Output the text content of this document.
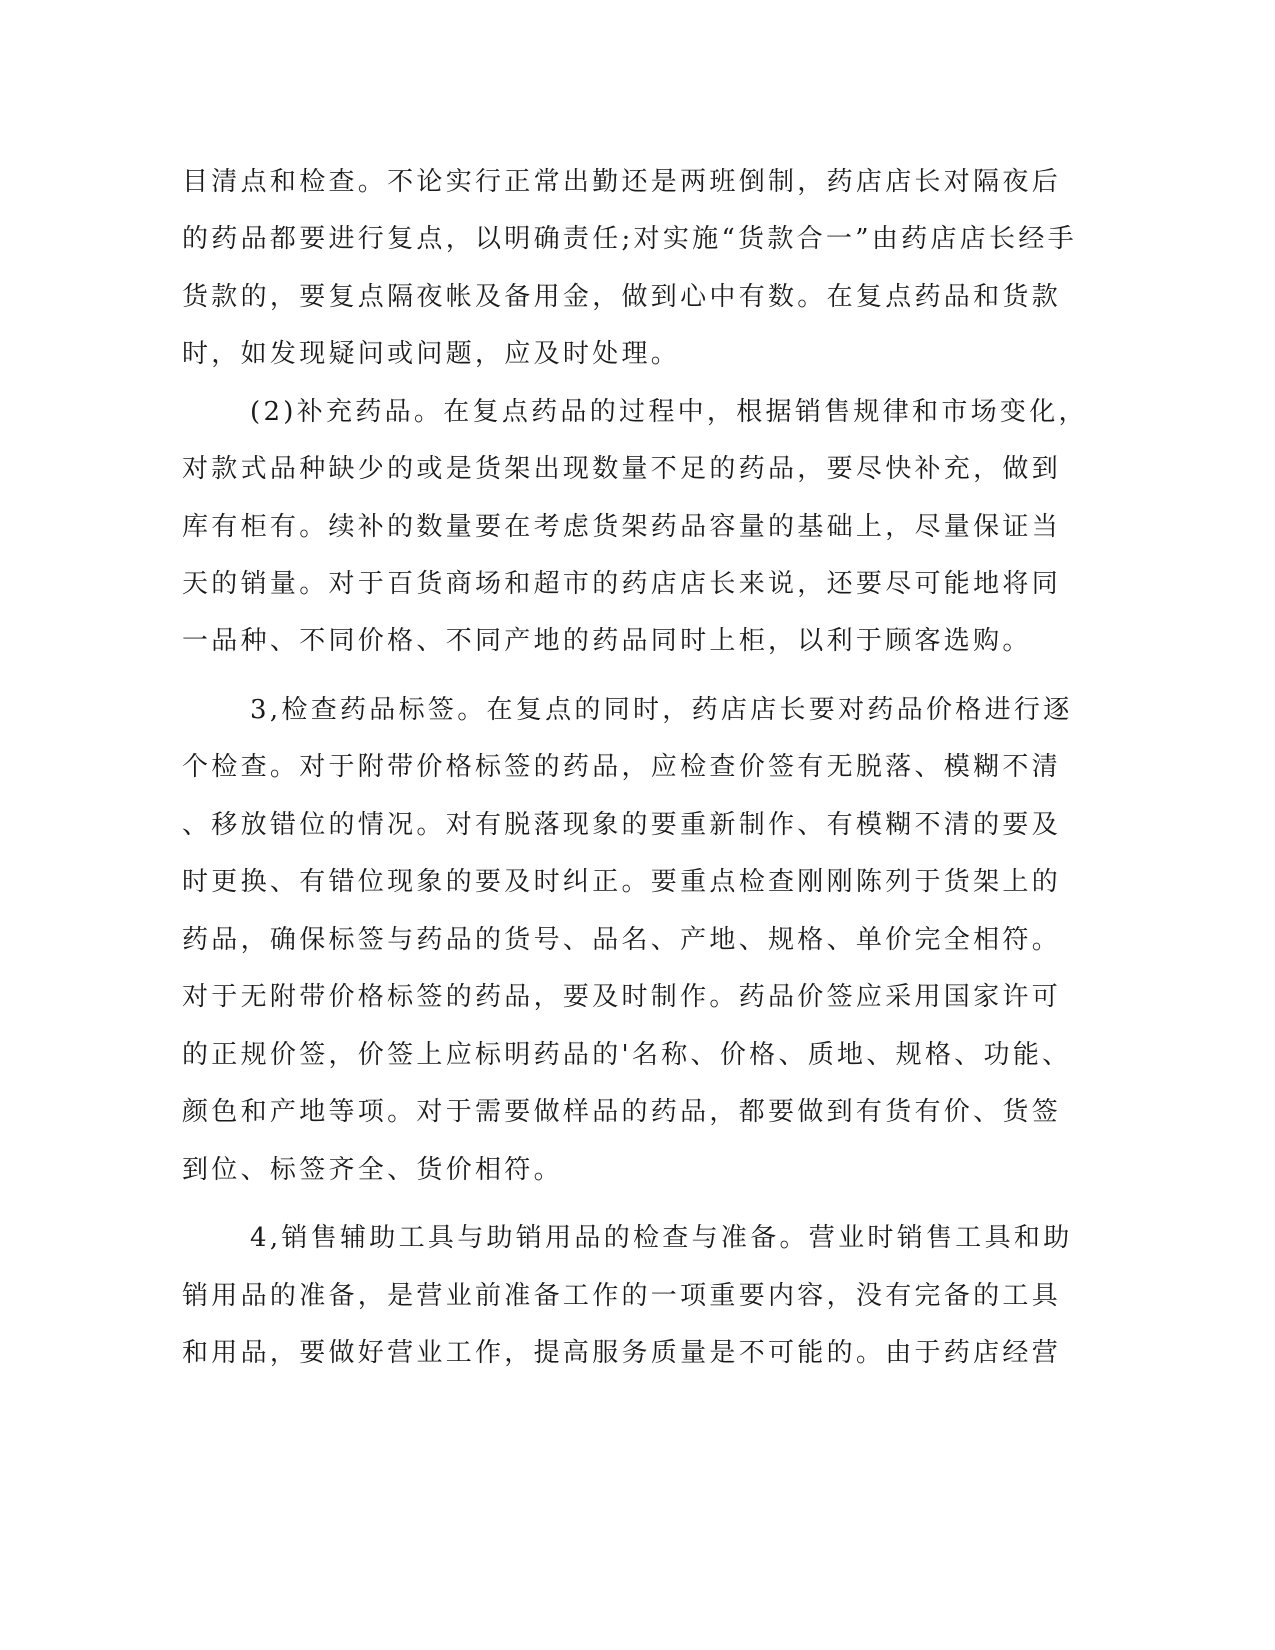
目清点和检查。不论实行正常出勤还是两班倒制，药店店长对隔夜后
的药品都要进行复点，以明确责任;对实施“货款合一”由药店店长经手
货款的，要复点隔夜帐及备用金，做到心中有数。在复点药品和货款
时，如发现疑问或问题，应及时处理。
(2)补充药品。在复点药品的过程中，根据销售规律和市场变化，
对款式品种缺少的或是货架出现数量不足的药品，要尽快补充，做到
库有柜有。续补的数量要在考虑货架药品容量的基础上，尽量保证当
天的销量。对于百货商场和超市的药店店长来说，还要尽可能地将同
一品种、不同价格、不同产地的药品同时上柜，以利于顾客选购。
3,检查药品标签。在复点的同时，药店店长要对药品价格进行逐
个检查。对于附带价格标签的药品，应检查价签有无脱落、模糊不清
、移放错位的情况。对有脱落现象的要重新制作、有模糊不清的要及
时更换、有错位现象的要及时纠正。要重点检查刚刚陈列于货架上的
药品，确保标签与药品的货号、品名、产地、规格、单价完全相符。
对于无附带价格标签的药品，要及时制作。药品价签应采用国家许可
的正规价签，价签上应标明药品的'名称、价格、质地、规格、功能、
颜色和产地等项。对于需要做样品的药品，都要做到有货有价、货签
到位、标签齐全、货价相符。
4,销售辅助工具与助销用品的检查与准备。营业时销售工具和助
销用品的准备，是营业前准备工作的一项重要内容，没有完备的工具
和用品，要做好营业工作，提高服务质量是不可能的。由于药店经营
